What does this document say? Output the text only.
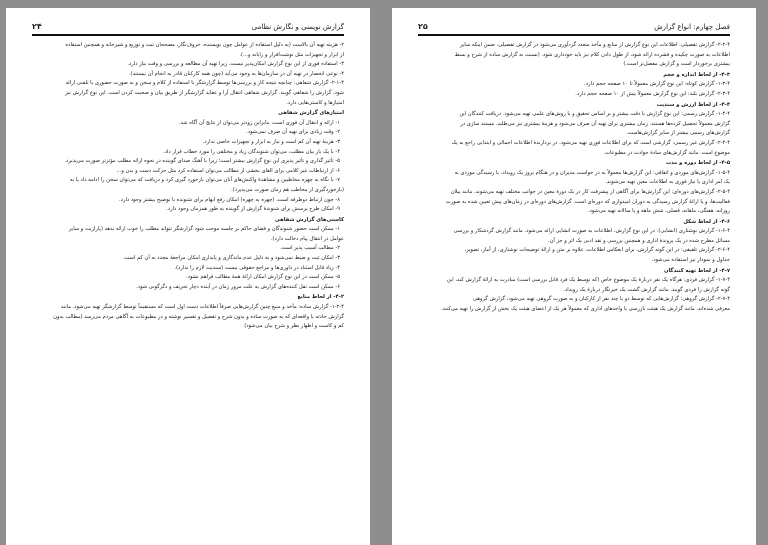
گزارش نویسی و نگارش نظامی
۲۴
۲- هزینه تهیه آن بالاست (به دلیل استفاده از عوامل چون نویسنده، حروف‌نگار، مصححان ثبت و توزیع و شیرخانه و همچنین استفاده
از ابزار و تجهیزات مثل نوشت‌افزار و رایانه و...).
۳- استفاده فوری از این نوع گزارش امکان‌پذیر نیست، زیرا تهیه آن مطالعه و بررسی و وقت نیاز دارد.
۴- نوعی انحصار در تهیه آن در سازمان‌ها به وجود می‌آید (چون همه کارکنان قادر به انجام آن نیستند).
۲-۱-۴- گزارش شفاهی: چنانچه نتیجه کار و بررسی‌ها توسط گزارشگر با استفاده از کلام و سخن و به صورت حضوری یا تلفنی ارائه
شود، گزارش را شفاهی گویند. گزارش شفاهی انتقال آرا و عقاید گزارشگر از طریق بیان و صحبت کردن است. این نوع گزارش نیز
امتیازها و کاستی‌هایی دارد.
امتیازهای گزارش شفاهی
۱- ارائه و انتقال آن فوری است، بنابراین زودتر می‌توان از نتایج آن آگاه شد.
۲- وقت زیادی برای تهیه آن صرف نمی‌شود.
۳- هزینهٔ تهیه آن کم است و نیاز به ابزار و تجهیزات خاصی ندارد.
۴- با یک بار بیان مطلب، می‌توان شنوندگان زیاد و مختلفی را مورد خطاب قرار داد.
۵- تأثیر گذاری و تأثیر پذیری این نوع گزارش بیشتر است؛ زیرا با آهنگ صدای گوینده در نحوه ارائه مطلب مؤثرتر صورت می‌پذیرد.
۶- از ارتباطات غیر کلامی برای القای بخشی از مطالب می‌توان استفاده کرد مثل حرکت دست و بدن و...
۷- با نگاه به چهره مخاطبین و مشاهدهٔ واکنش‌های آنان می‌توان بازخورد گیری کرد و دریافت که می‌توان سخن را ادامه داد یا نه
(بازخوردگیری از مخاطب هم زمان صورت می‌پذیرد).
۸- چون ارتباط دوطرفه است، (چهره به چهره) امکان رفع ابهام برای شنونده با توضیح بیشتر وجود دارد.
۹- امکان طرح پرسش برای شنوندهٔ گزارش از گوینده به طور همزمان وجود دارد.
کاستی‌های گزارش شفاهی
۱- ممکن است حضور شنوندگان و فضای حاکم بر جلسه موجب شود گزارشگر نتواند مطلب را خوب ارائه بدهد (پارازیت و سایر
عوامل در انتقال پیام دخالت دارد).
۲- مطالب آسیب پذیر است.
۳- امکان ثبت و ضبط نمی‌شود و به دلیل عدم ماندگاری و پایداری امکان مراجعهٔ مجدد به آن کم است.
۴- زیاد قابل استناد در داوری‌ها و مراجع حقوقی نیست (سندیت لازم را ندارد).
۵- ممکن است در این نوع گزارش امکان ارائهٔ همهٔ مطالب فراهم نشود.
۶- ممکن است نقل کننده‌های گزارش به علت مرور زمان در آینده دچار تحریف و دگرگونی شود.
۴-۲- از لحاظ منابع
۱-۲-۴- گزارش ساده: مأخذ و منبع چنین گزارش‌هایی صرفاً اطلاعات دست اول است که مستقیماً توسط گزارشگر تهیه می‌شود. مانند
گزارش حادثه یا واقعه‌ای که به صورت ساده و بدون شرح و تفصیل و تفسیر نوشته و در مطبوعات به آگاهی مردم می‌رسد (مطالب بدون
کم و کاست و اظهار نظر و شرح بیان می‌شود)
فصل چهارم: انواع گزارش
۲۵
۲-۲-۴- گزارش تفصیلی: اطلاعات این نوع گزارش از منابع و مآخذ متعدد گردآوری می‌شود در گزارش تفصیلی، ضمن اینکه سایر
اطلاعات به صورت چکیده و فشرده ارائه شود، از طول دادن کلام نیز باید خودداری شود. (نسبت به گزارش ساده از شرح و بسط
بیشتری برخوردار است و گزارش مفصل‌تر است.)
۴-۳- از لحاظ اندازه و حجم
۱-۳-۴- گزارش کوتاه: این نوع گزارش معمولاً تا ۱۰ صفحه حجم دارد.
۲-۳-۴- گزارش بلند: این نوع گزارش معمولاً بیش از ۱۰ صفحه حجم دارد.
۴-۴- از لحاظ ارزش و سندیت
۱-۴-۴- گزارش رسمی: این نوع گزارش با دقت بیشتر و بر اساس تحقیق و با روش‌های علمی تهیه می‌شود. دریافت کنندگان این
گزارش معمولاً تحصیل کرده‌ها هستند. زمان بیشتری برای تهیه آن صرف می‌شود و هزینهٔ بیشتری نیز می‌طلبد. مستند سازی در
گزارش‌های رسمی بیشتر از سایر گزارش‌هاست.
۲-۴-۴- گزارش غیر رسمی: گزارشی است که برای اطلاعات فوری تهیه می‌شود. در بردارندهٔ اطلاعات اجمالی و ابتدایی راجع به یک
موضوع است. مانند گزارش‌های ساده‌ٔ حوادث در مطبوعات.
۴-۵- از لحاظ دوره و مدت
۱-۵-۴- گزارش‌های موردی و اتفاقی: این گزارش‌ها معمولاً به در خواست مدیران و در هنگام بروز یک رویداد، یا رسیدگی موردی به
یک امر اداری یا نیاز فوری به اطلاعات معین تهیه می‌شوند.
۲-۵-۴- گزارش‌های دوره‌ای: این گزارش‌ها برای آگاهی از پیشرفت کار در یک دورهٔ معین در جوانب مختلف تهیه می‌شوند. مانند بیلان
فعالیت‌ها، و یا ارائهٔ گزارش رسیدگی به دوران امیدواری که دوره‌ای است. گزارش‌های دوره‌ای در زمان‌های پیش تعیین شده به صورت
روزانه، هفتگی، ماهانه، فصلی، شش ماهه و یا سالانه تهیه می‌شود.
۴-۶- از لحاظ شکل
۱-۶-۴- گزارش نوشتاری (انشایی): در این نوع گزارش، اطلاعات به صورت انشایی ارائه می‌شود. مانند گزارش گردشکار و بررسی
مسائل مطرح شده در یک پروندهٔ اداری و همچنین بررسی و نقد ادبی یک اثر و جز آن.
۲-۶-۴- گزارش تلفیقی: در این گونه گزارش، برای انعکاس اطلاعات، علاوه بر متن و ارائهٔ توضیحات نوشتاری، از آمار، تصویر،
جداول و نمودار نیز استفاده می‌شود.
۴-۷- از لحاظ تهیه کنندگان
۱-۷-۴- گزارش فردی: هرگاه یک نفر دربارهٔ یک موضوع خاص (که توسط یک فرد قابل بررسی است) مبادرت به ارائهٔ گزارش کند، این
گونه گزارش را فردی گویند. مانند گزارش گشت یک خبرنگار دربارهٔ یک رویداد.
۲-۷-۴- گزارش گروهی: گزارش‌هایی که توسط دو یا چند نفر از کارکنان و به صورت گروهی تهیه می‌شود، گزارش گروهی
معرفی شده‌اند. مانند گزارش یک هیئت بازرسی یا واحدهای اداری که معمولاً هر یک از اعضای هیئت یک بخش از گزارش را تهیه می‌کنند.
